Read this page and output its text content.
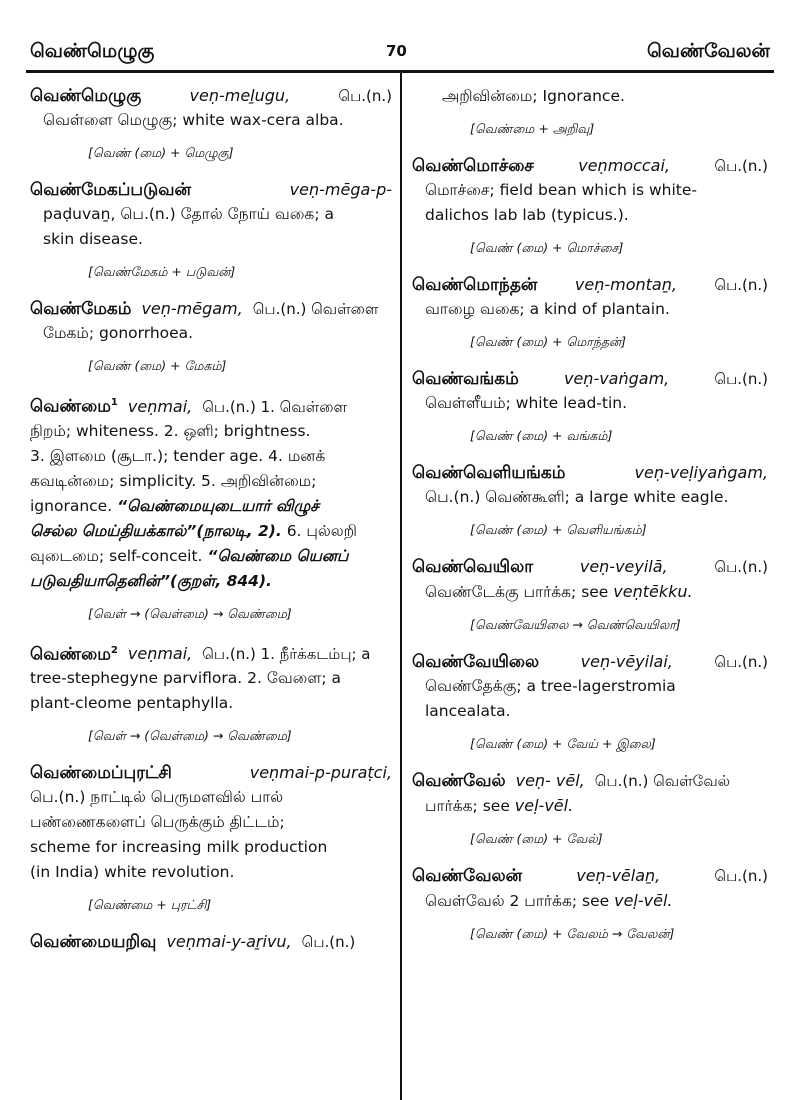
வெண்மெழுகு	70	வெண்வேலன்
வெண்மெழுகு	veṇ-meḻugu,	பெ.(n.)
வெள்ளை மெழுகு; white wax-cera alba.
[வெண் (மை) + மெழுகு]
வெண்மேகப்படுவன்	veṇ-mēga-p-
paḍuvaṉ, பெ.(n.) தோல் நோய் வகை; a
skin disease.
[வெண்மேகம் + படுவன்]
வெண்மேகம் veṇ-mēgam, பெ.(n.) வெள்ளை
மேகம்; gonorrhoea.
[வெண் (மை) + மேகம்]
வெண்மை$^1$ veṇmai, பெ.(n.) 1. வெள்ளை
நிறம்; whiteness. 2. ஒளி; brightness.
3. இளமை (சூடா.); tender age. 4. மனக்
கவடின்மை; simplicity. 5. அறிவின்மை;
ignorance. “வெண்மையுடையார் விழுச்
செல்ல மெய்தியக்கால்”(நாலடி, 2). 6. புல்லறி
வுடைமை; self-conceit. “வெண்மை யெனப்
படுவதியாதெனின்”(குறள், 844).
[வெள் → (வெள்மை) → வெண்மை]
வெண்மை$^2$ veṇmai, பெ.(n.) 1. நீர்க்கடம்பு; a
tree-stephegyne parviflora. 2. வேளை; a
plant-cleome pentaphylla.
[வெள் → (வெள்மை) → வெண்மை]
வெண்மைப்புரட்சி	veṇmai-p-puraṭci,
பெ.(n.) நாட்டில் பெருமளவில் பால்
பண்ணைகளைப் பெருக்கும் திட்டம்;
scheme for increasing milk production
(in India) white revolution.
[வெண்மை + புரட்சி]
வெண்மையறிவு veṇmai-y-aṟivu, பெ.(n.)
அறிவின்மை; Ignorance.
[வெண்மை + அறிவு]
வெண்மொச்சை	veṇmoccai,	பெ.(n.)
மொச்சை; field bean which is white-
dalichos lab lab (typicus.).
[வெண் (மை) + மொச்சை]
வெண்மொந்தன் veṇ-montaṉ, பெ.(n.)
வாழை வகை; a kind of plantain.
[வெண் (மை) + மொந்தன்]
வெண்வங்கம்	veṇ-vaṅgam,	பெ.(n.)
வெள்ளீயம்; white lead-tin.
[வெண் (மை) + வங்கம்]
வெண்வெளியங்கம்	veṇ-veḷiyaṅgam,
பெ.(n.) வெண்கூளி; a large white eagle.
[வெண் (மை) + வெளியங்கம்]
வெண்வெயிலா	veṇ-veyilā,	பெ.(n.)
வெண்டேக்கு பார்க்க; see veṇtēkku.
[வெண்வேயிலை → வெண்வெயிலா]
வெண்வேயிலை	veṇ-vēyilai,	பெ.(n.)
வெண்தேக்கு; a tree-lagerstromia
lancealata.
[வெண் (மை) + வேய் + இலை]
வெண்வேல் veṇ- vēl, பெ.(n.) வெள்வேல்
பார்க்க; see veḷ-vēl.
[வெண் (மை) + வேல்]
வெண்வேலன்	veṇ-vēlaṉ,	பெ.(n.)
வெள்வேல் 2 பார்க்க; see veḷ-vēl.
[வெண் (மை) + வேலம் → வேலன்]
